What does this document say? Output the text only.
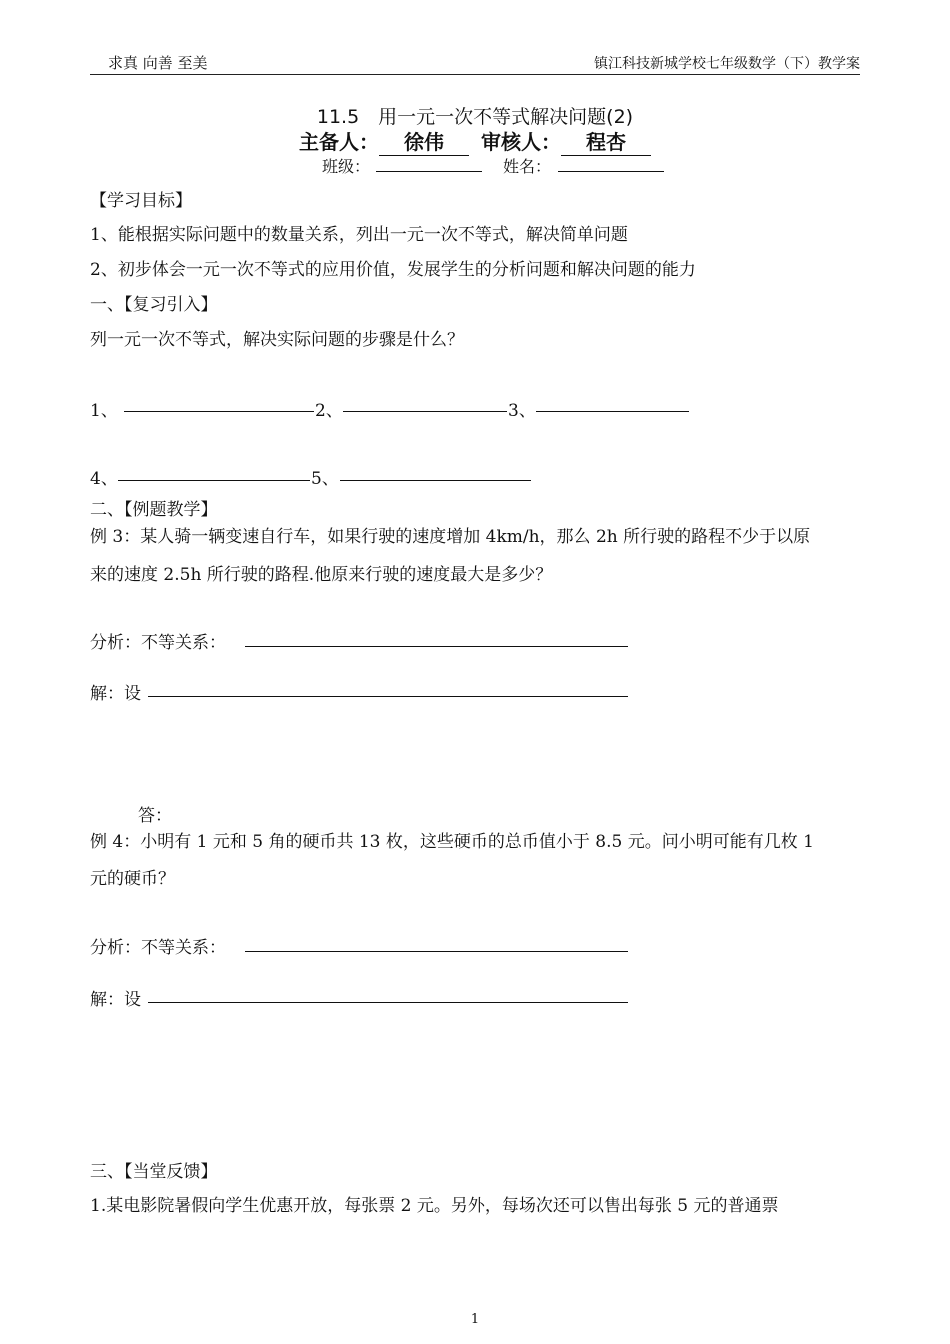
求真 向善 至美	镇江科技新城学校七年级数学（下）教学案
11.5　用一元一次不等式解决问题(2)
主备人： 徐伟 审核人： 程杏
班级：	姓名：
【学习目标】
1、能根据实际问题中的数量关系，列出一元一次不等式，解决简单问题
2、初步体会一元一次不等式的应用价值，发展学生的分析问题和解决问题的能力
一、【复习引入】
列一元一次不等式，解决实际问题的步骤是什么？
1、	2、	3、
4、	5、
二、【例题教学】
例 3：某人骑一辆变速自行车，如果行驶的速度增加 4km/h，那么 2h 所行驶的路程不少于以原
来的速度 2.5h 所行驶的路程.他原来行驶的速度最大是多少？
分析：不等关系：
解：设
答：
例 4：小明有 1 元和 5 角的硬币共 13 枚，这些硬币的总币值小于 8.5 元。问小明可能有几枚 1
元的硬币？
分析：不等关系：
解：设
三、【当堂反馈】
1.某电影院暑假向学生优惠开放，每张票 2 元。另外，每场次还可以售出每张 5 元的普通票
1
